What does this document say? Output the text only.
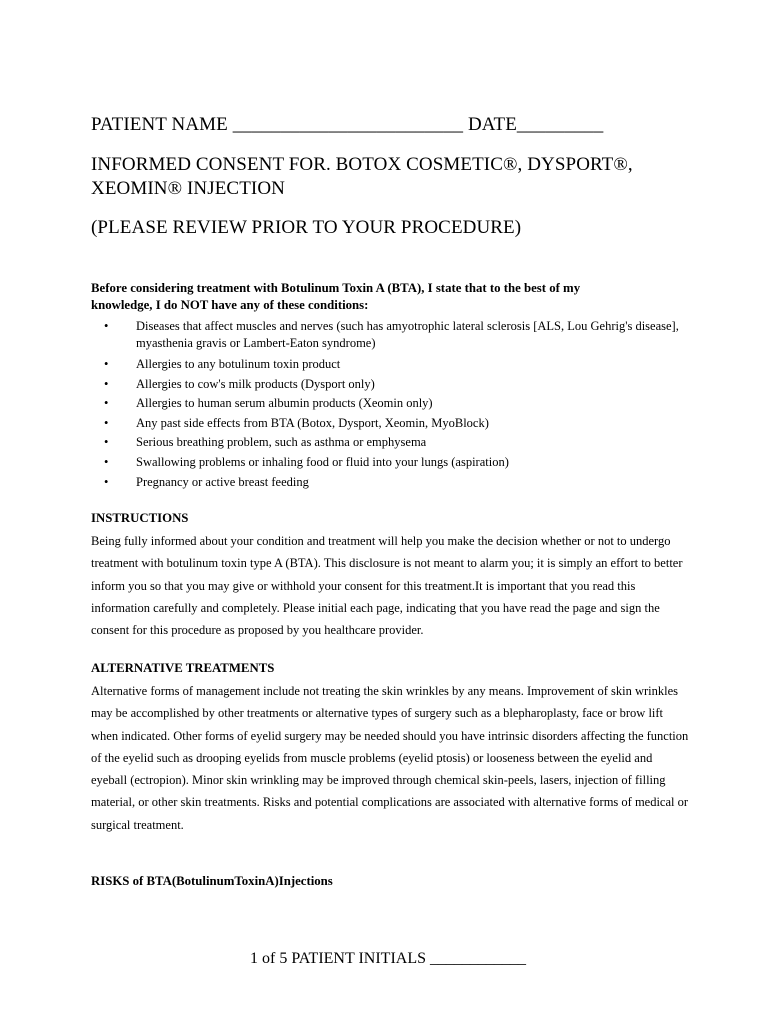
PATIENT NAME ________________________ DATE_________
INFORMED CONSENT FOR. BOTOX COSMETIC®, DYSPORT®,
XEOMIN® INJECTION
(PLEASE REVIEW PRIOR TO YOUR PROCEDURE)
Before considering treatment with Botulinum Toxin A (BTA), I state that to the best of my
knowledge, I do NOT have any of these conditions:
• Diseases that affect muscles and nerves (such has amyotrophic lateral sclerosis [ALS, Lou Gehrig's disease], myasthenia gravis or Lambert-Eaton syndrome)
• Allergies to any botulinum toxin product
• Allergies to cow's milk products (Dysport only)
• Allergies to human serum albumin products (Xeomin only)
• Any past side effects from BTA (Botox, Dysport, Xeomin, MyoBlock)
• Serious breathing problem, such as asthma or emphysema
• Swallowing problems or inhaling food or fluid into your lungs (aspiration)
• Pregnancy or active breast feeding
INSTRUCTIONS
Being fully informed about your condition and treatment will help you make the decision whether or not to undergo treatment with botulinum toxin type A (BTA). This disclosure is not meant to alarm you; it is simply an effort to better inform you so that you may give or withhold your consent for this treatment.It is important that you read this information carefully and completely. Please initial each page, indicating that you have read the page and sign the consent for this procedure as proposed by you healthcare provider.
ALTERNATIVE TREATMENTS
Alternative forms of management include not treating the skin wrinkles by any means. Improvement of skin wrinkles may be accomplished by other treatments or alternative types of surgery such as a blepharoplasty, face or brow lift when indicated. Other forms of eyelid surgery may be needed should you have intrinsic disorders affecting the function of the eyelid such as drooping eyelids from muscle problems (eyelid ptosis) or looseness between the eyelid and eyeball (ectropion). Minor skin wrinkling may be improved through chemical skin-peels, lasers, injection of filling material, or other skin treatments. Risks and potential complications are associated with alternative forms of medical or surgical treatment.
RISKS of BTA(BotulinumToxinA)Injections
1 of 5 PATIENT INITIALS ____________
